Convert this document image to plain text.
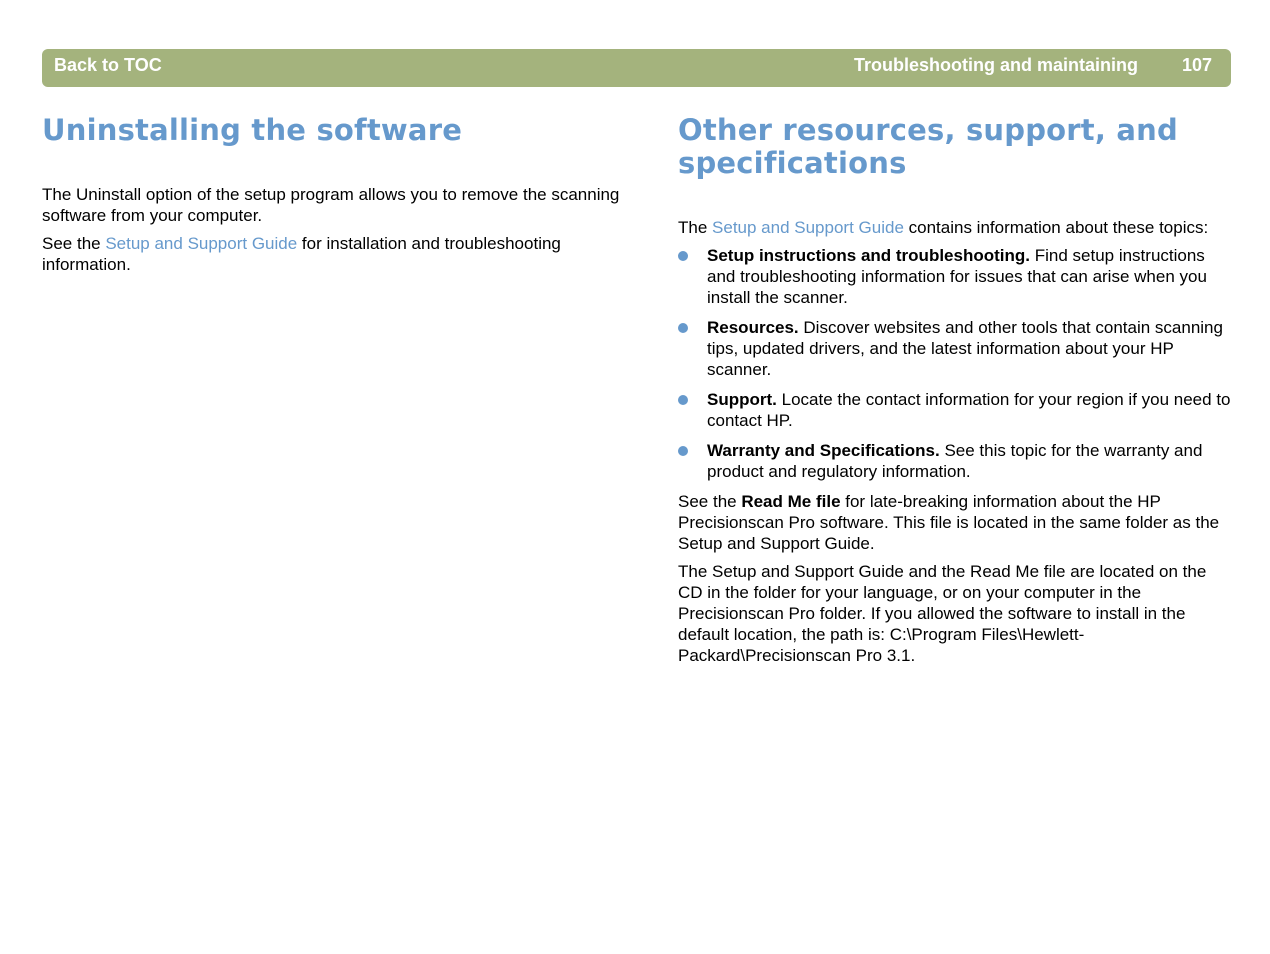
Back to TOC	Troubleshooting and maintaining 107
Uninstalling the software

The Uninstall option of the setup program allows you to remove the scanning software from your computer.

See the Setup and Support Guide for installation and troubleshooting information.

Other resources, support, and specifications

The Setup and Support Guide contains information about these topics:

Setup instructions and troubleshooting. Find setup instructions and troubleshooting information for issues that can arise when you install the scanner.
Resources. Discover websites and other tools that contain scanning tips, updated drivers, and the latest information about your HP scanner.
Support. Locate the contact information for your region if you need to contact HP.
Warranty and Specifications. See this topic for the warranty and product and regulatory information.

See the Read Me file for late-breaking information about the HP Precisionscan Pro software. This file is located in the same folder as the Setup and Support Guide.

The Setup and Support Guide and the Read Me file are located on the CD in the folder for your language, or on your computer in the Precisionscan Pro folder. If you allowed the software to install in the default location, the path is: C:\Program Files\Hewlett-Packard\Precisionscan Pro 3.1.
